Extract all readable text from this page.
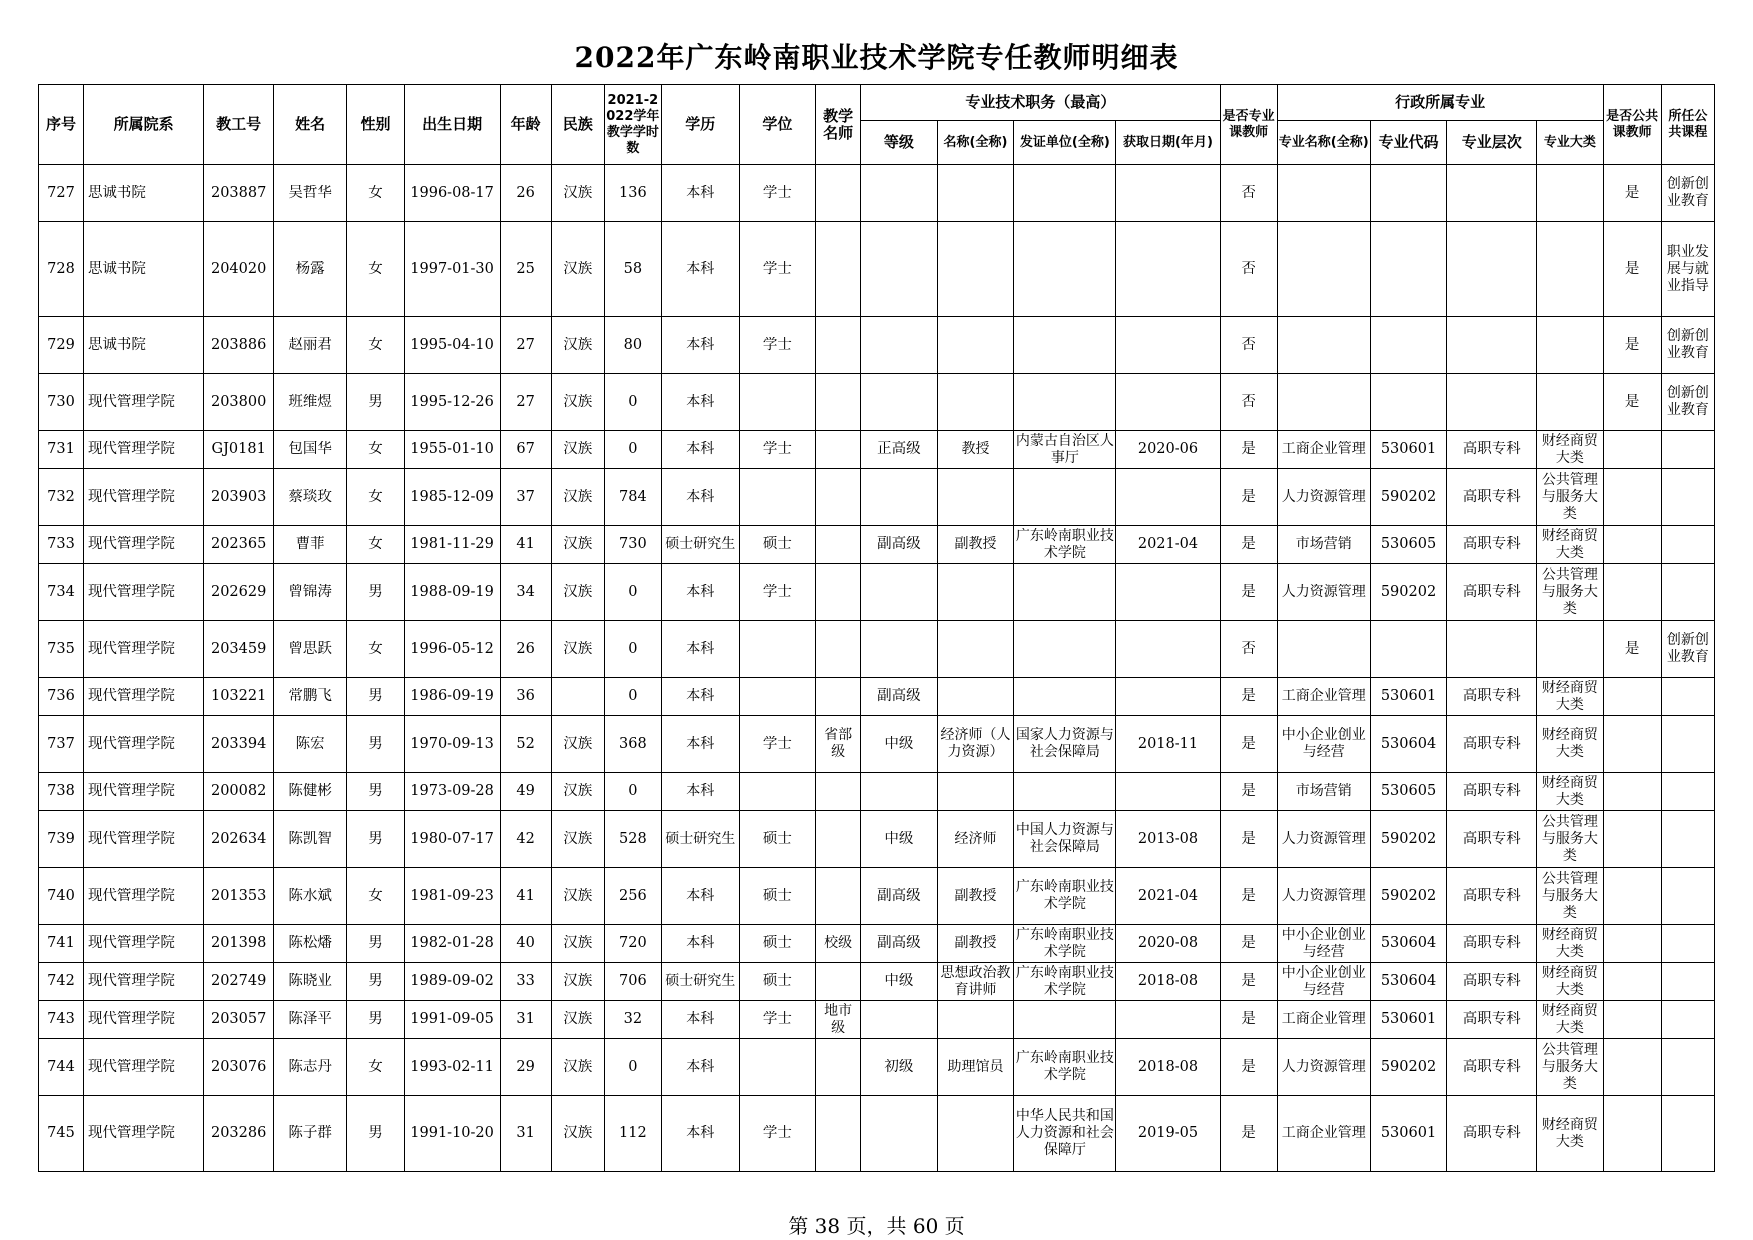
2022年广东岭南职业技术学院专任教师明细表
序号	所属院系	教工号	姓名	性别	出生日期	年龄	民族	2021-2022学年教学学时数	学历	学位	教学名师	专业技术职务（最高）				是否专业课教师	行政所属专业				是否公共课教师	所任公共课程
												等级	名称(全称)	发证单位(全称)	获取日期(年月)		专业名称(全称)	专业代码	专业层次	专业大类		

727	思诚书院	203887	吴哲华	女	1996-08-17	26	汉族	136	本科	学士						否					是	创新创业教育

728	思诚书院	204020	杨露	女	1997-01-30	25	汉族	58	本科	学士						否					是	职业发展与就业指导

729	思诚书院	203886	赵丽君	女	1995-04-10	27	汉族	80	本科	学士						否					是	创新创业教育

730	现代管理学院	203800	班维煜	男	1995-12-26	27	汉族	0	本科							否					是	创新创业教育

731	现代管理学院	GJ0181	包国华	女	1955-01-10	67	汉族	0	本科	学士		正高级	教授	内蒙古自治区人事厅	2020-06	是	工商企业管理	530601	高职专科	财经商贸大类		

732	现代管理学院	203903	蔡琰玫	女	1985-12-09	37	汉族	784	本科							是	人力资源管理	590202	高职专科	公共管理与服务大类		

733	现代管理学院	202365	曹菲	女	1981-11-29	41	汉族	730	硕士研究生	硕士		副高级	副教授	广东岭南职业技术学院	2021-04	是	市场营销	530605	高职专科	财经商贸大类		

734	现代管理学院	202629	曾锦涛	男	1988-09-19	34	汉族	0	本科	学士						是	人力资源管理	590202	高职专科	公共管理与服务大类		

735	现代管理学院	203459	曾思跃	女	1996-05-12	26	汉族	0	本科							否					是	创新创业教育

736	现代管理学院	103221	常鹏飞	男	1986-09-19	36		0	本科			副高级				是	工商企业管理	530601	高职专科	财经商贸大类		

737	现代管理学院	203394	陈宏	男	1970-09-13	52	汉族	368	本科	学士	省部级	中级	经济师（人力资源）	国家人力资源与社会保障局	2018-11	是	中小企业创业与经营	530604	高职专科	财经商贸大类		

738	现代管理学院	200082	陈健彬	男	1973-09-28	49	汉族	0	本科							是	市场营销	530605	高职专科	财经商贸大类		

739	现代管理学院	202634	陈凯智	男	1980-07-17	42	汉族	528	硕士研究生	硕士		中级	经济师	中国人力资源与社会保障局	2013-08	是	人力资源管理	590202	高职专科	公共管理与服务大类		

740	现代管理学院	201353	陈水斌	女	1981-09-23	41	汉族	256	本科	硕士		副高级	副教授	广东岭南职业技术学院	2021-04	是	人力资源管理	590202	高职专科	公共管理与服务大类		

741	现代管理学院	201398	陈松燔	男	1982-01-28	40	汉族	720	本科	硕士	校级	副高级	副教授	广东岭南职业技术学院	2020-08	是	中小企业创业与经营	530604	高职专科	财经商贸大类		

742	现代管理学院	202749	陈晓业	男	1989-09-02	33	汉族	706	硕士研究生	硕士		中级	思想政治教育讲师	广东岭南职业技术学院	2018-08	是	中小企业创业与经营	530604	高职专科	财经商贸大类		

743	现代管理学院	203057	陈泽平	男	1991-09-05	31	汉族	32	本科	学士	地市级					是	工商企业管理	530601	高职专科	财经商贸大类		

744	现代管理学院	203076	陈志丹	女	1993-02-11	29	汉族	0	本科			初级	助理馆员	广东岭南职业技术学院	2018-08	是	人力资源管理	590202	高职专科	公共管理与服务大类		

745	现代管理学院	203286	陈子群	男	1991-10-20	31	汉族	112	本科	学士				中华人民共和国人力资源和社会保障厅	2019-05	是	工商企业管理	530601	高职专科	财经商贸大类		

第 38 页，共 60 页
